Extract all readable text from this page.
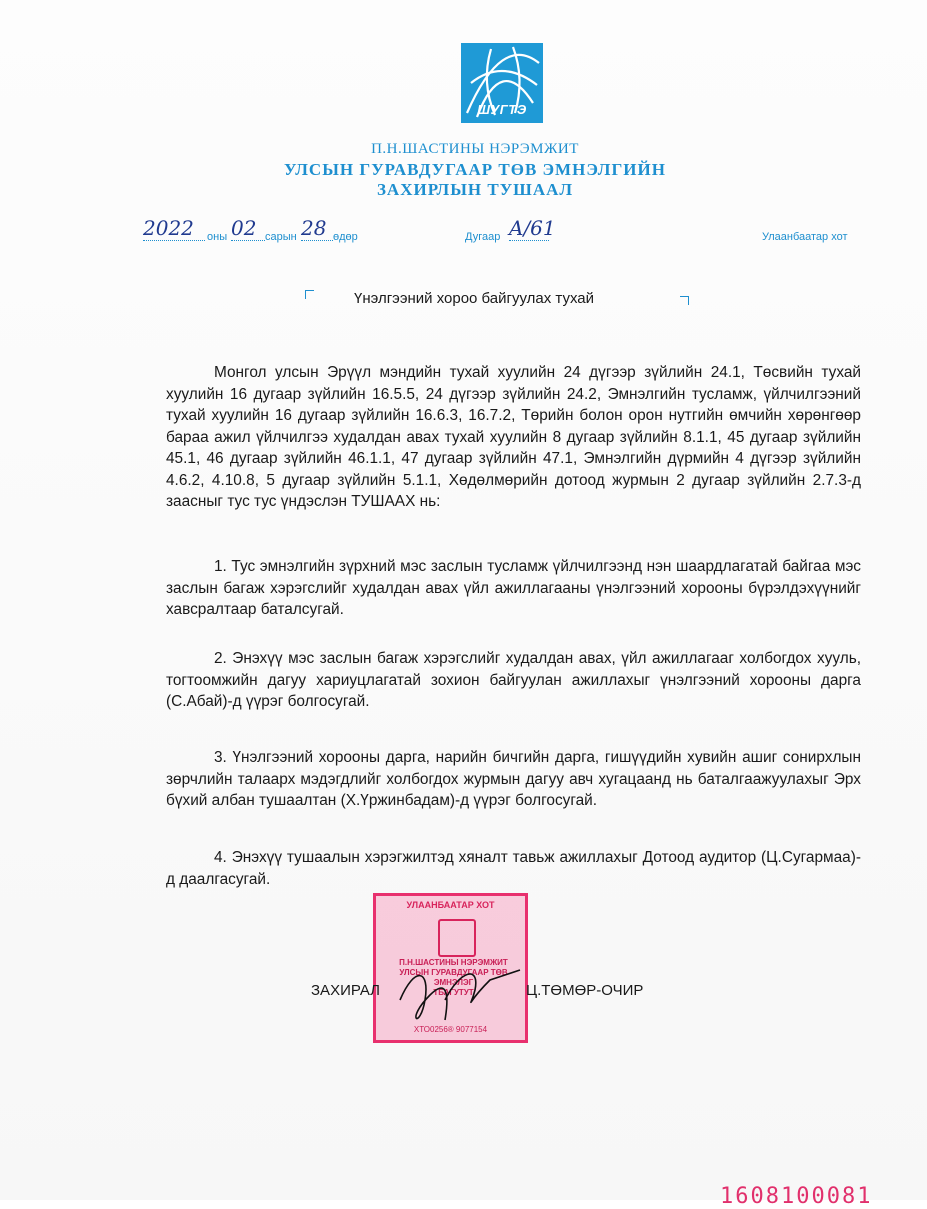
ШУГТЭ
П.Н.ШАСТИНЫ НЭРЭМЖИТ
УЛСЫН ГУРАВДУГААР ТӨВ ЭМНЭЛГИЙН
ЗАХИРЛЫН ТУШААЛ
2022	оны 02 сарын 28 өдөр	Дугаар A/61	Улаанбаатар хот
Үнэлгээний хороо байгуулах тухай
Монгол улсын Эрүүл мэндийн тухай хуулийн 24 дүгээр зүйлийн 24.1, Төсвийн тухай хуулийн 16 дугаар зүйлийн 16.5.5, 24 дүгээр зүйлийн 24.2, Эмнэлгийн тусламж, үйлчилгээний тухай хуулийн 16 дугаар зүйлийн 16.6.3, 16.7.2, Төрийн болон орон нутгийн өмчийн хөрөнгөөр бараа ажил үйлчилгээ худалдан авах тухай хуулийн 8 дугаар зүйлийн 8.1.1, 45 дугаар зүйлийн 45.1, 46 дугаар зүйлийн 46.1.1, 47 дугаар зүйлийн 47.1, Эмнэлгийн дүрмийн 4 дүгээр зүйлийн 4.6.2, 4.10.8, 5 дугаар зүйлийн 5.1.1, Хөдөлмөрийн дотоод журмын 2 дугаар зүйлийн 2.7.3-д заасныг тус тус үндэслэн ТУШААХ нь:
1. Тус эмнэлгийн зүрхний мэс заслын тусламж үйлчилгээнд нэн шаардлагатай байгаа мэс заслын багаж хэрэгслийг худалдан авах үйл ажиллагааны үнэлгээний хорооны бүрэлдэхүүнийг хавсралтаар баталсугай.
2. Энэхүү мэс заслын багаж хэрэгслийг худалдан авах, үйл ажиллагааг холбогдох хууль, тогтоомжийн дагуу хариуцлагатай зохион байгуулан ажиллахыг үнэлгээний хорооны дарга (С.Абай)-д үүрэг болгосугай.
3. Үнэлгээний хорооны дарга, нарийн бичгийн дарга, гишүүдийн хувийн ашиг сонирхлын зөрчлийн талаарх мэдэгдлийг холбогдох журмын дагуу авч хугацаанд нь баталгаажуулахыг Эрх бүхий албан тушаалтан (Х.Үржинбадам)-д үүрэг болгосугай.
4. Энэхүү тушаалын хэрэгжилтэд хяналт тавьж ажиллахыг Дотоод аудитор (Ц.Сугармаа)-д даалгасугай.
УЛААНБААТАР ХОТ
П.Н.ШАСТИНЫ НЭРЭМЖИТ
УЛСЫН ГУРАВДУГААР ТӨВ
ЭМНЭЛЭГ
ТБАГУТУТ
ХТО0256® 9077154
ЗАХИРАЛ	Ц.ТӨМӨР-ОЧИР
1608100081
